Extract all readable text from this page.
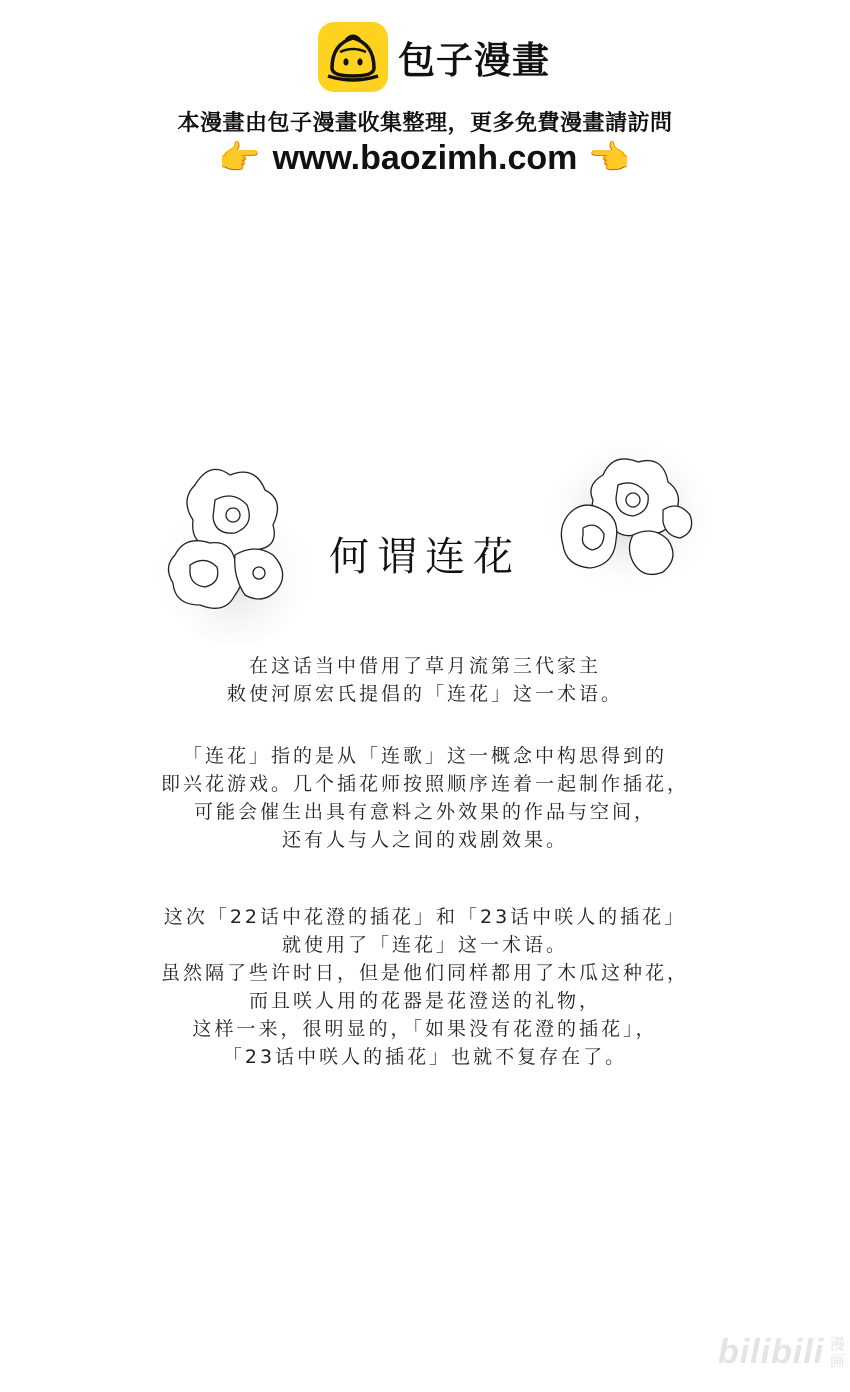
包子漫畫
本漫畫由包子漫畫收集整理，更多免費漫畫請訪問
👉 www.baozimh.com 👉
何谓连花
在这话当中借用了草月流第三代家主
敕使河原宏氏提倡的「连花」这一术语。
「连花」指的是从「连歌」这一概念中构思得到的
即兴花游戏。几个插花师按照顺序连着一起制作插花，
可能会催生出具有意料之外效果的作品与空间，
还有人与人之间的戏剧效果。
这次「22话中花澄的插花」和「23话中咲人的插花」
就使用了「连花」这一术语。
虽然隔了些许时日，但是他们同样都用了木瓜这种花，
而且咲人用的花器是花澄送的礼物，
这样一来，很明显的，「如果没有花澄的插花」，
「23话中咲人的插花」也就不复存在了。
bilibili 漫画
